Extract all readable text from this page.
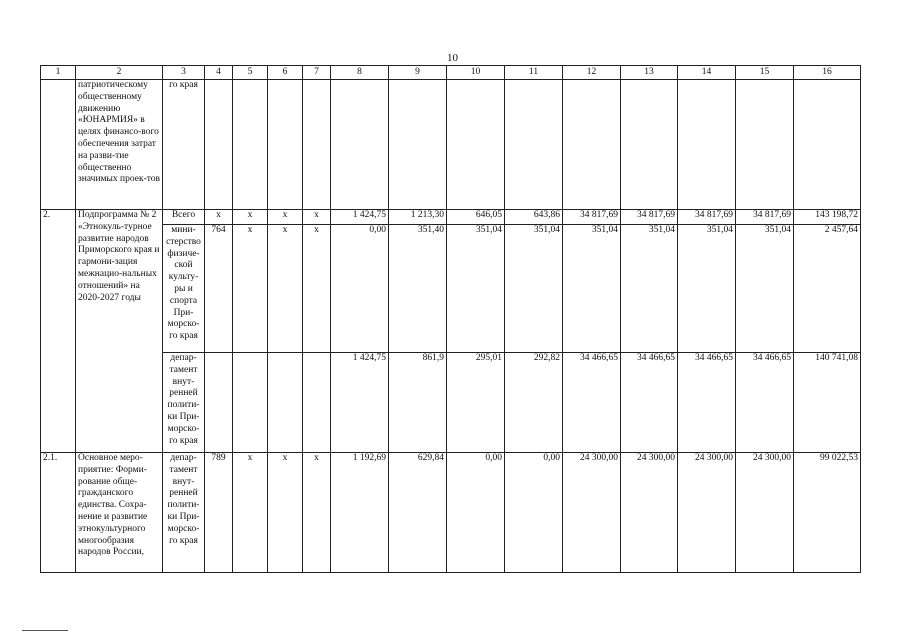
10
1	2	3	4	5	6	7	8	9	10	11	12	13	14	15	16
	патриотическому общественному движению «ЮНАРМИЯ» в целях финансо-вого обеспечения затрат на разви-тие общественно значимых проек-тов	го края													
2.	Подпрограмма № 2 «Этнокуль-турное развитие народов Приморского края и гармони-зация межнацио-нальных отношений» на 2020-2027 годы	Всего	х	х	х	х	1 424,75	1 213,30	646,05	643,86	34 817,69	34 817,69	34 817,69	34 817,69	143 198,72
		мини-стерство физиче-ской культу-ры и спорта При-морско-го края	764	х	х	х	0,00	351,40	351,04	351,04	351,04	351,04	351,04	351,04	2 457,64
		депар-тамент внут-ренней полити-ки При-морско-го края					1 424,75	861,9	295,01	292,82	34 466,65	34 466,65	34 466,65	34 466,65	140 741,08
2.1.	Основное меро-приятие: Форми-рование обще-гражданского единства. Сохра-нение и развитие этнокультурного многообразия народов России,	депар-тамент внут-ренней полити-ки При-морско-го края	789	х	х	х	1 192,69	629,84	0,00	0,00	24 300,00	24 300,00	24 300,00	24 300,00	99 022,53
